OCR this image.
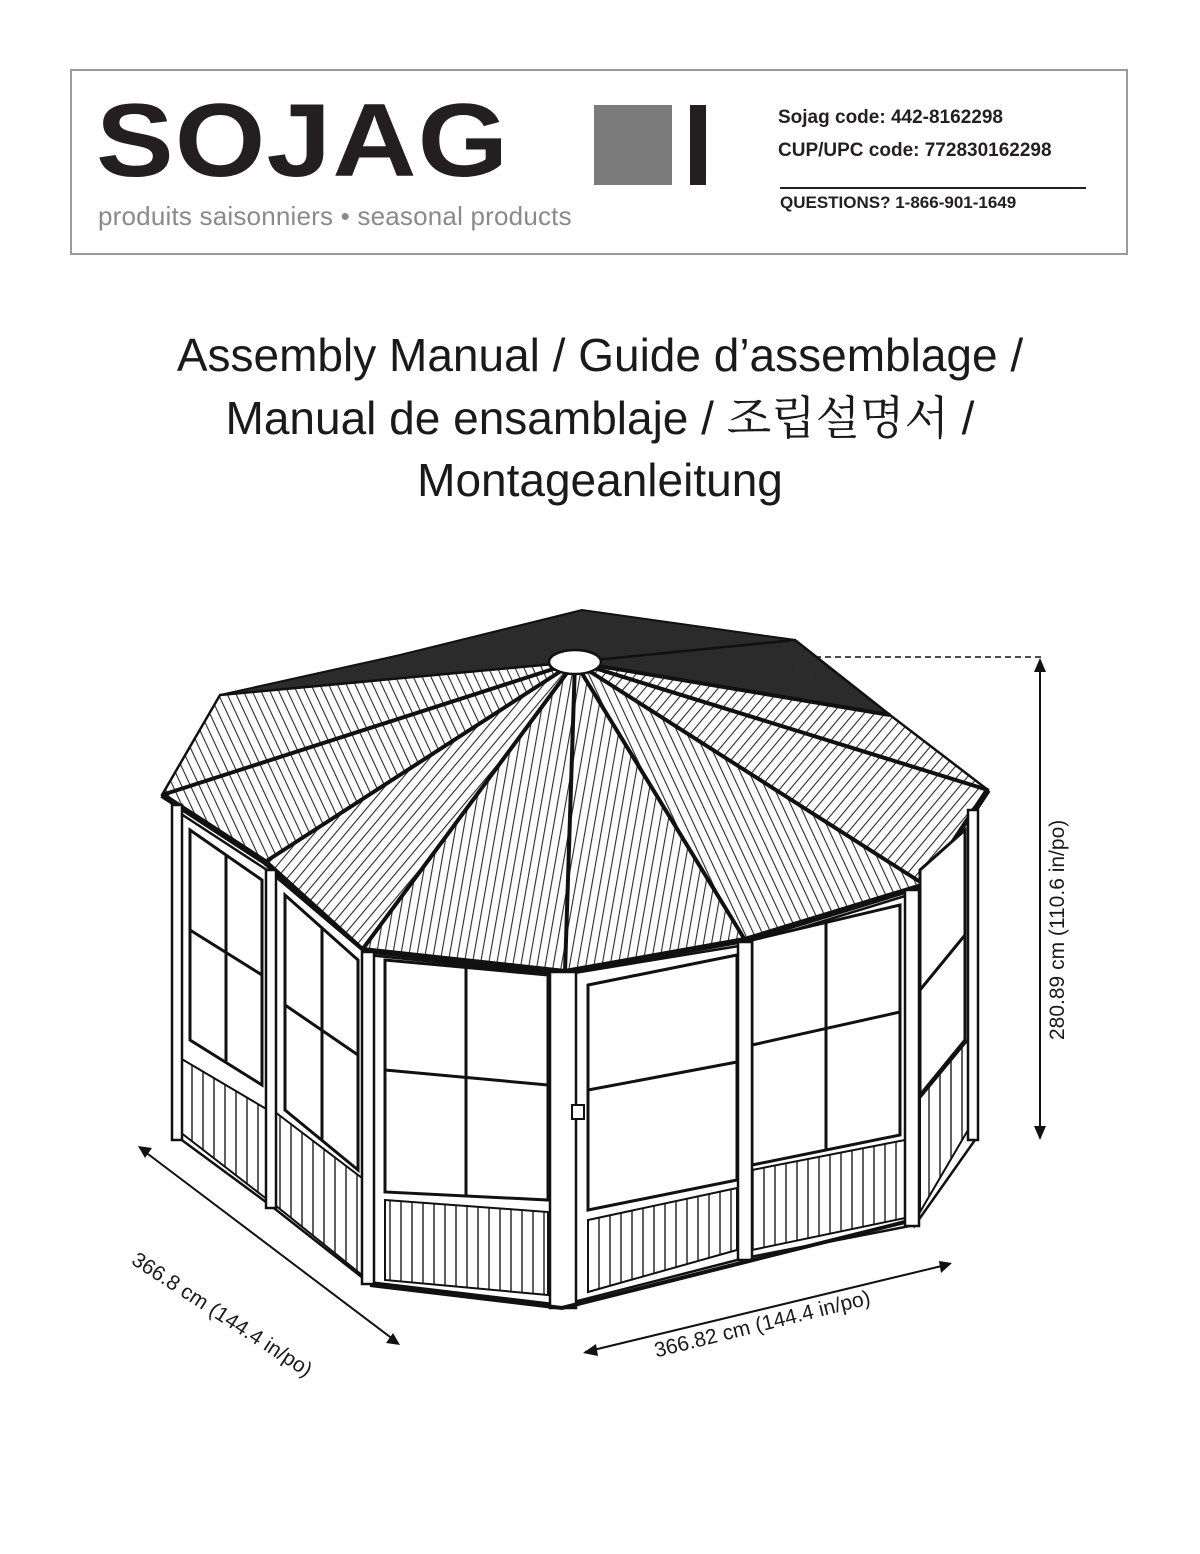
SOJAG
produits saisonniers • seasonal products
Sojag code: 442-8162298
CUP/UPC code: 772830162298
QUESTIONS? 1-866-901-1649
Assembly Manual / Guide d’assemblage /
Manual de ensamblaje / 조립설명서 /
Montageanleitung
366.8 cm (144.4 in/po)	366.82 cm (144.4 in/po)
280.89 cm (110.6 in/po)
